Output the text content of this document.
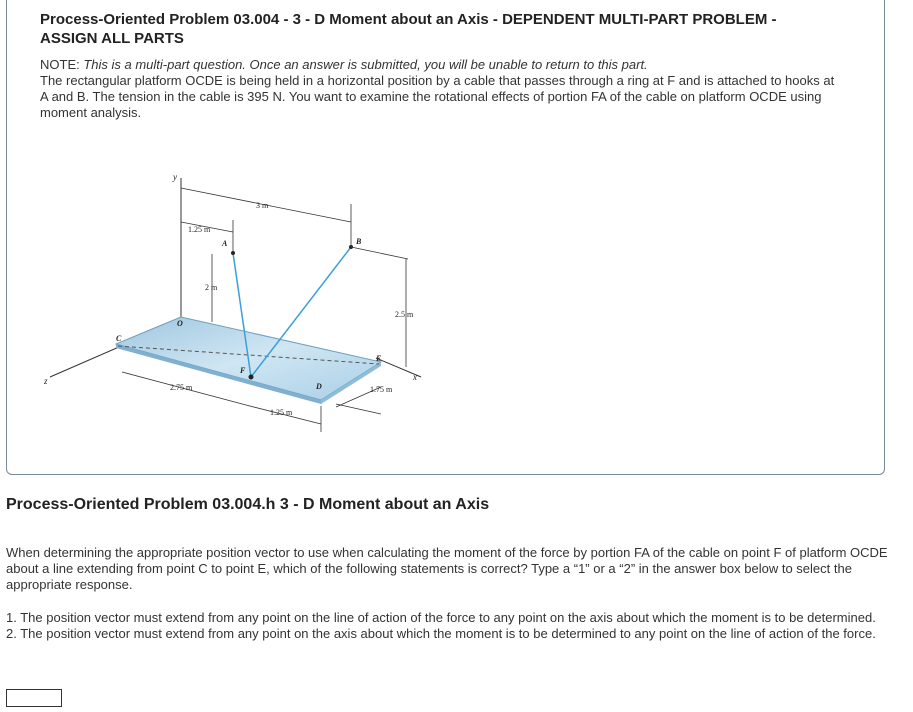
Process-Oriented Problem 03.004 - 3 - D Moment about an Axis - DEPENDENT MULTI-PART PROBLEM -
ASSIGN ALL PARTS
NOTE: This is a multi-part question. Once an answer is submitted, you will be unable to return to this part.
The rectangular platform OCDE is being held in a horizontal position by a cable that passes through a ring at F and is attached to hooks at A and B. The tension in the cable is 395 N. You want to examine the rotational effects of portion FA of the cable on platform OCDE using moment analysis.
y
z	x
3 m
1.25 m
A	B
2 m
2.5 m
O
C
E
F
D
2.75 m
1.25 m
1.75 m
Process-Oriented Problem 03.004.h 3 - D Moment about an Axis
When determining the appropriate position vector to use when calculating the moment of the force by portion FA of the cable on point F of platform OCDE about a line extending from point C to point E, which of the following statements is correct? Type a “1” or a “2” in the answer box below to select the appropriate response.
1. The position vector must extend from any point on the line of action of the force to any point on the axis about which the moment is to be determined.
2. The position vector must extend from any point on the axis about which the moment is to be determined to any point on the line of action of the force.
